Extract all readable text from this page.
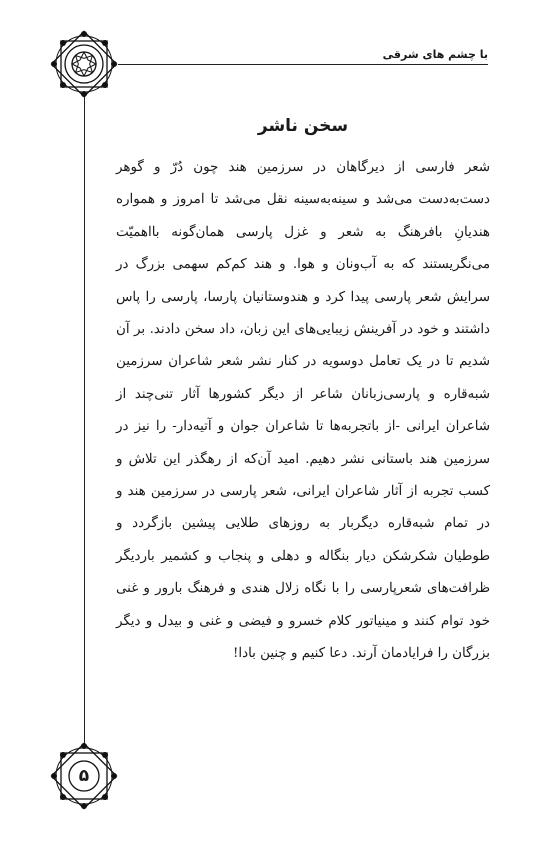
با چشم های شرقی
۵
سخن ناشر
شعر فارسی از دیرگاهان در سرزمین هند چون دُرّ و گوهر دست‌به‌دست می‌شد و سینه‌به‌سینه نقل می‌شد تا امروز و همواره هندیانِ بافرهنگ به شعر و غزل پارسی همان‌گونه بااهمیّت می‌نگریستند که به آب‌ونان و هوا. و هند کم‌کم سهمی بزرگ در سرایش شعر پارسی پیدا کرد و هندوستانیان پارسا، پارسی را پاس داشتند و خود در آفرینش زیبایی‌های این زبان، داد سخن دادند. بر آن شدیم تا در یک تعامل دوسویه در کنار نشر شعر شاعران سرزمین شبه‌قاره و پارسی‌زبانان شاعر از دیگر کشورها آثار تنی‌چند از شاعران ایرانی -از باتجربه‌ها تا شاعران جوان و آتیه‌دار- را نیز در سرزمین هند باستانی نشر دهیم. امید آن‌که از رهگذر این تلاش و کسب تجربه از آثار شاعران ایرانی، شعر پارسی در سرزمین هند و در تمام شبه‌قاره دیگربار به روزهای طلایی پیشین بازگردد و طوطیان شکرشکن دیار بنگاله و دهلی و پنجاب و کشمیر باردیگر ظرافت‌های شعرپارسی را با نگاه زلال هندی و فرهنگ بارور و غنی خود توام کنند و مینیاتور کلام خسرو و فیضی و غنی و بیدل و دیگر بزرگان را فرایادمان آرند. دعا کنیم و چنین بادا!
